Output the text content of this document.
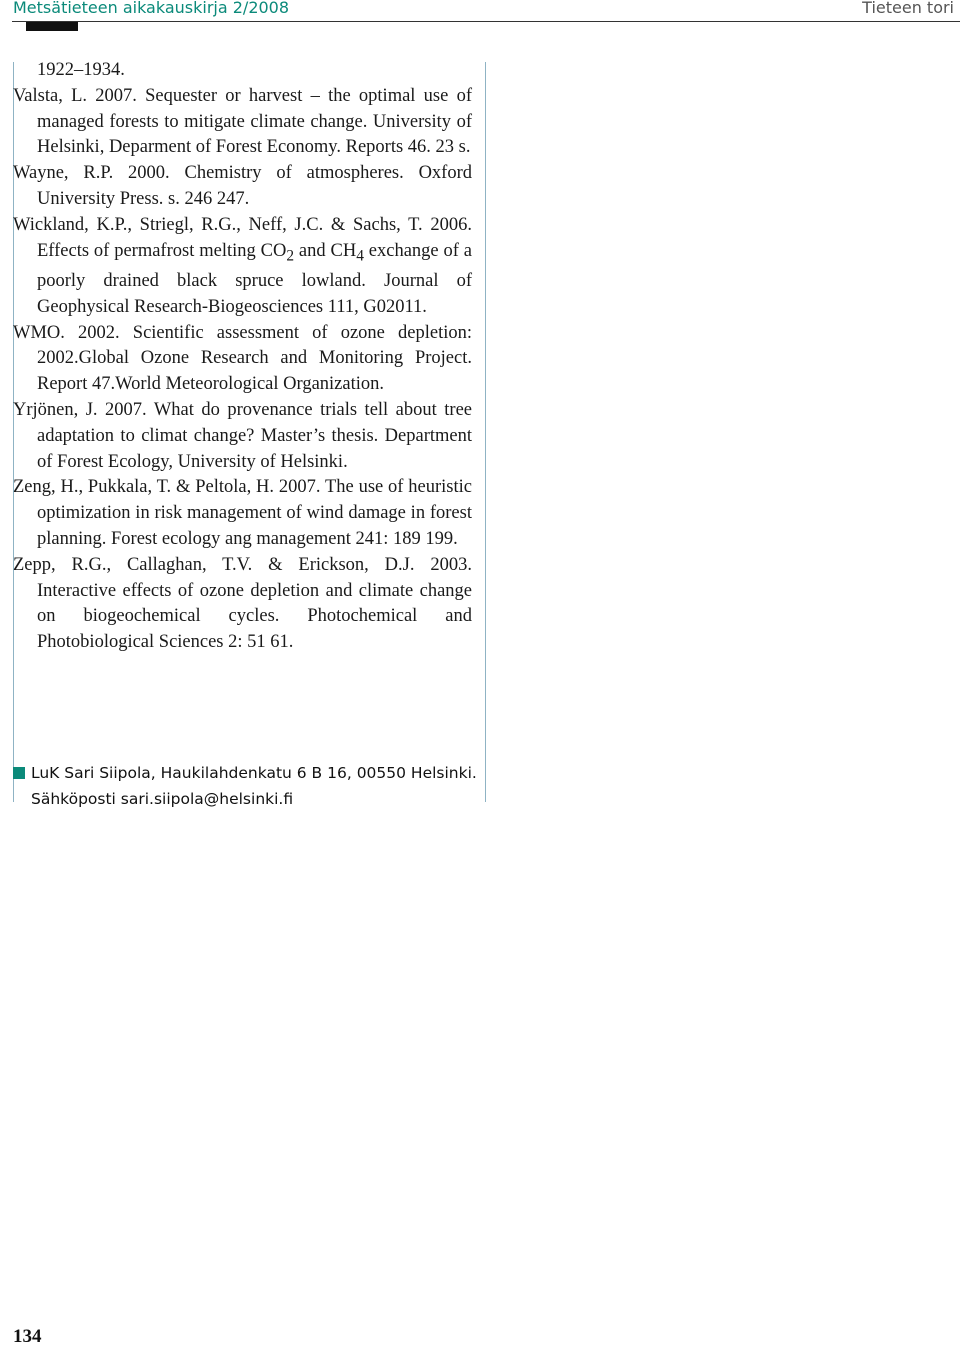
Metsätieteen aikakauskirja 2/2008	Tieteen tori

1922–1934.

Valsta, L. 2007. Sequester or harvest – the optimal use of managed forests to mitigate climate change. University of Helsinki, Deparment of Forest Economy. Reports 46. 23 s.

Wayne, R.P. 2000. Chemistry of atmospheres. Oxford University Press. s. 246 247.

Wickland, K.P., Striegl, R.G., Neff, J.C. & Sachs, T. 2006. Effects of permafrost melting $CO_2$ and $CH_4$ exchange of a poorly drained black spruce lowland. Journal of Geophysical Research-Biogeosciences 111, G02011.

WMO. 2002. Scientific assessment of ozone depletion: 2002.Global Ozone Research and Monitoring Project. Report 47.World Meteorological Organization.

Yrjönen, J. 2007. What do provenance trials tell about tree adaptation to climat change? Master’s thesis. Department of Forest Ecology, University of Helsinki.

Zeng, H., Pukkala, T. & Peltola, H. 2007. The use of heuristic optimization in risk management of wind damage in forest planning. Forest ecology ang management 241: 189 199.

Zepp, R.G., Callaghan, T.V. & Erickson, D.J. 2003. Interactive effects of ozone depletion and climate change on biogeochemical cycles. Photochemical and Photobiological Sciences 2: 51 61.

LuK Sari Siipola, Haukilahdenkatu 6 B 16, 00550 Helsinki.
Sähköposti sari.siipola@helsinki.fi
134
